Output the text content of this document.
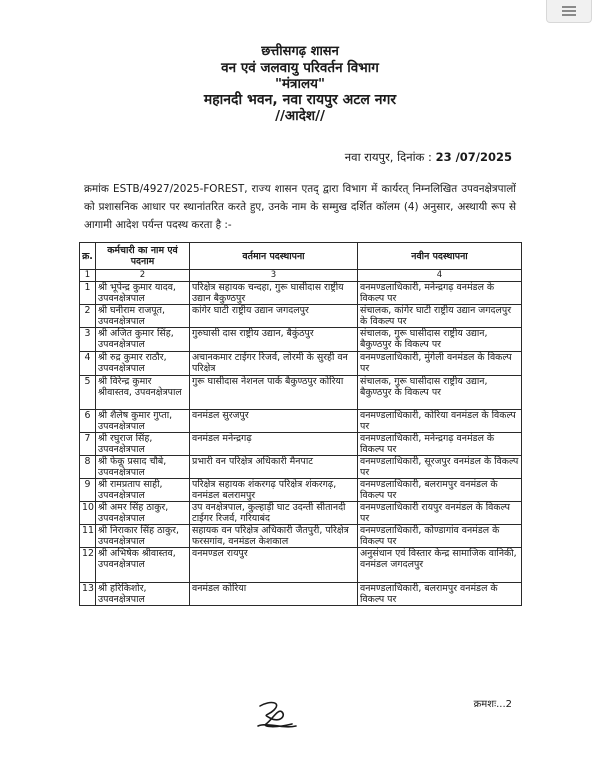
छत्तीसगढ़ शासन
वन एवं जलवायु परिवर्तन विभाग
"मंत्रालय"
महानदी भवन, नवा रायपुर अटल नगर
//आदेश//
नवा रायपुर, दिनांक : 23 /07/2025
क्रमांक ESTB/4927/2025-FOREST, राज्य शासन एतद् द्वारा विभाग में कार्यरत् निम्नलिखित उपवनक्षेत्रपालों को प्रशासनिक आधार पर स्थानांतरित करते हुए, उनके नाम के सम्मुख दर्शित कॉलम (4) अनुसार, अस्थायी रूप से आगामी आदेश पर्यन्त पदस्थ करता है :-
क्र.	कर्मचारी का नाम एवं पदनाम	वर्तमान पदस्थापना	नवीन पदस्थापना
1	2	3	4
1	श्री भूपेन्द्र कुमार यादव, उपवनक्षेत्रपाल	परिक्षेत्र सहायक चन्दहा, गुरू घासीदास राष्ट्रीय उद्यान बैकुण्ठपुर	वनमण्डलाधिकारी, मनेन्द्रगढ़ वनमंडल के विकल्प पर
2	श्री घनीराम राजपूत, उपवनक्षेत्रपाल	कांगेर घाटी राष्ट्रीय उद्यान जगदलपुर	संचालक, कांगेर घाटी राष्ट्रीय उद्यान जगदलपुर के विकल्प पर
3	श्री अजित कुमार सिंह, उपवनक्षेत्रपाल	गुरुघासी दास राष्ट्रीय उद्यान, बैकुंठपुर	संचालक, गुरू घासीदास राष्ट्रीय उद्यान, बैकुण्ठपुर के विकल्प पर
4	श्री रुद्र कुमार राठौर, उपवनक्षेत्रपाल	अचानकमार टाईगर रिजर्व, लोरमी के सुरही वन परिक्षेत्र	वनमण्डलाधिकारी, मुंगेली वनमंडल के विकल्प पर
5	श्री विरेन्द्र कुमार श्रीवास्तव, उपवनक्षेत्रपाल	गुरू घासीदास नेशनल पार्क बैकुण्ठपुर कोरिया	संचालक, गुरू घासीदास राष्ट्रीय उद्यान, बैकुण्ठपुर के विकल्प पर
6	श्री शैलेष कुमार गुप्ता, उपवनक्षेत्रपाल	वनमंडल सुरजपुर	वनमण्डलाधिकारी, कोरिया वनमंडल के विकल्प पर
7	श्री रघुराज सिंह, उपवनक्षेत्रपाल	वनमंडल मनेन्द्रगढ़	वनमण्डलाधिकारी, मनेन्द्रगढ़ वनमंडल के विकल्प पर
8	श्री फेकू प्रसाद चौबे, उपवनक्षेत्रपाल	प्रभारी वन परिक्षेत्र अधिकारी मैनपाट	वनमण्डलाधिकारी, सूरजपुर वनमंडल के विकल्प पर
9	श्री रामप्रताप साही, उपवनक्षेत्रपाल	परिक्षेत्र सहायक शंकरगढ़ परिक्षेत्र शंकरगढ़, वनमंडल बलरामपुर	वनमण्डलाधिकारी, बलरामपुर वनमंडल के विकल्प पर
10	श्री अमर सिंह ठाकुर, उपवनक्षेत्रपाल	उप वनक्षेत्रपाल, कुल्हाड़ी घाट उदन्ती सीतानदी टाईगर रिजर्व, गरियाबंद	वनमण्डलाधिकारी रायपुर वनमंडल के विकल्प पर
11	श्री निराकार सिंह ठाकुर, उपवनक्षेत्रपाल	सहायक वन परिक्षेत्र अधिकारी जैतपुरी, परिक्षेत्र फरसगांव, वनमंडल केशकाल	वनमण्डलाधिकारी, कोण्डागांव वनमंडल के विकल्प पर
12	श्री अभिषेक श्रीवास्तव, उपवनक्षेत्रपाल	वनमण्डल रायपुर	अनुसंधान एवं विस्तार केन्द्र सामाजिक वानिकी, वनमंडल जगदलपुर
13	श्री हरिकिशोर, उपवनक्षेत्रपाल	वनमंडल कोरिया	वनमण्डलाधिकारी, बलरामपुर वनमंडल के विकल्प पर
क्रमशः...2
